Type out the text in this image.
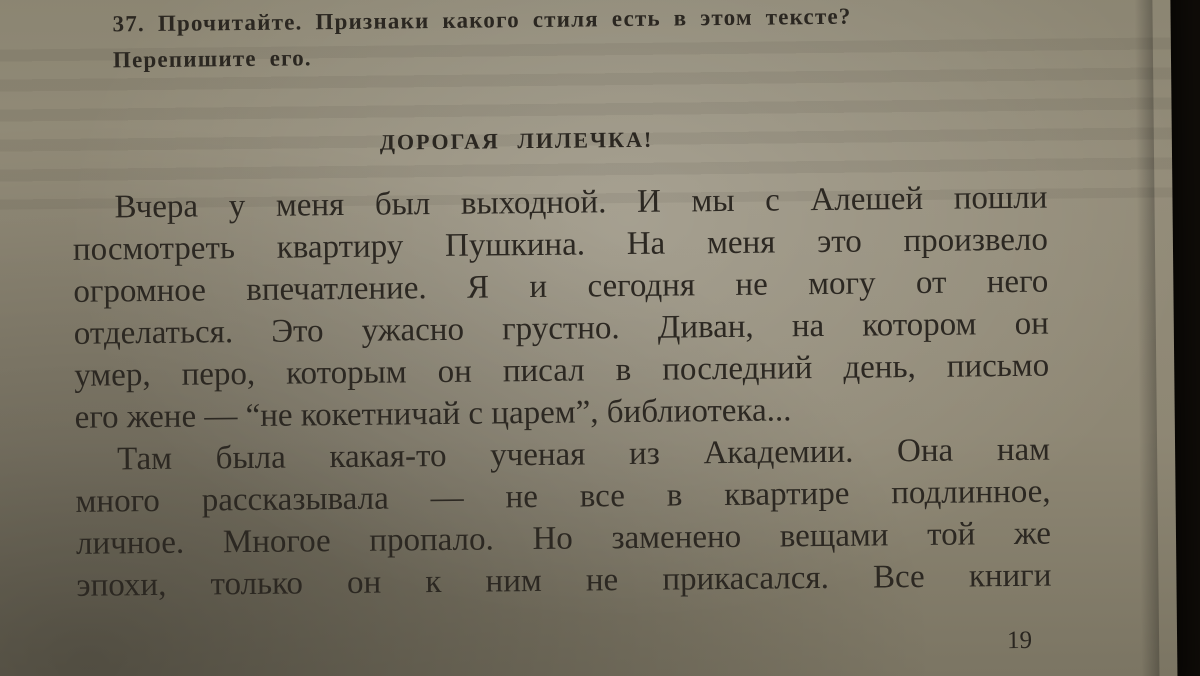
37. Прочитайте. Признаки какого стиля есть в этом тексте?
Перепишите его.
ДОРОГАЯ ЛИЛЕЧКА!
Вчера у меня был выходной. И мы с Алешей пошли
посмотреть квартиру Пушкина. На меня это произвело
огромное впечатление. Я и сегодня не могу от него
отделаться. Это ужасно грустно. Диван, на котором он
умер, перо, которым он писал в последний день, письмо
его жене — “не кокетничай с царем”, библиотека...
Там была какая-то ученая из Академии. Она нам
много рассказывала — не все в квартире подлинное,
личное. Многое пропало. Но заменено вещами той же
эпохи, только он к ним не прикасался. Все книги
19
